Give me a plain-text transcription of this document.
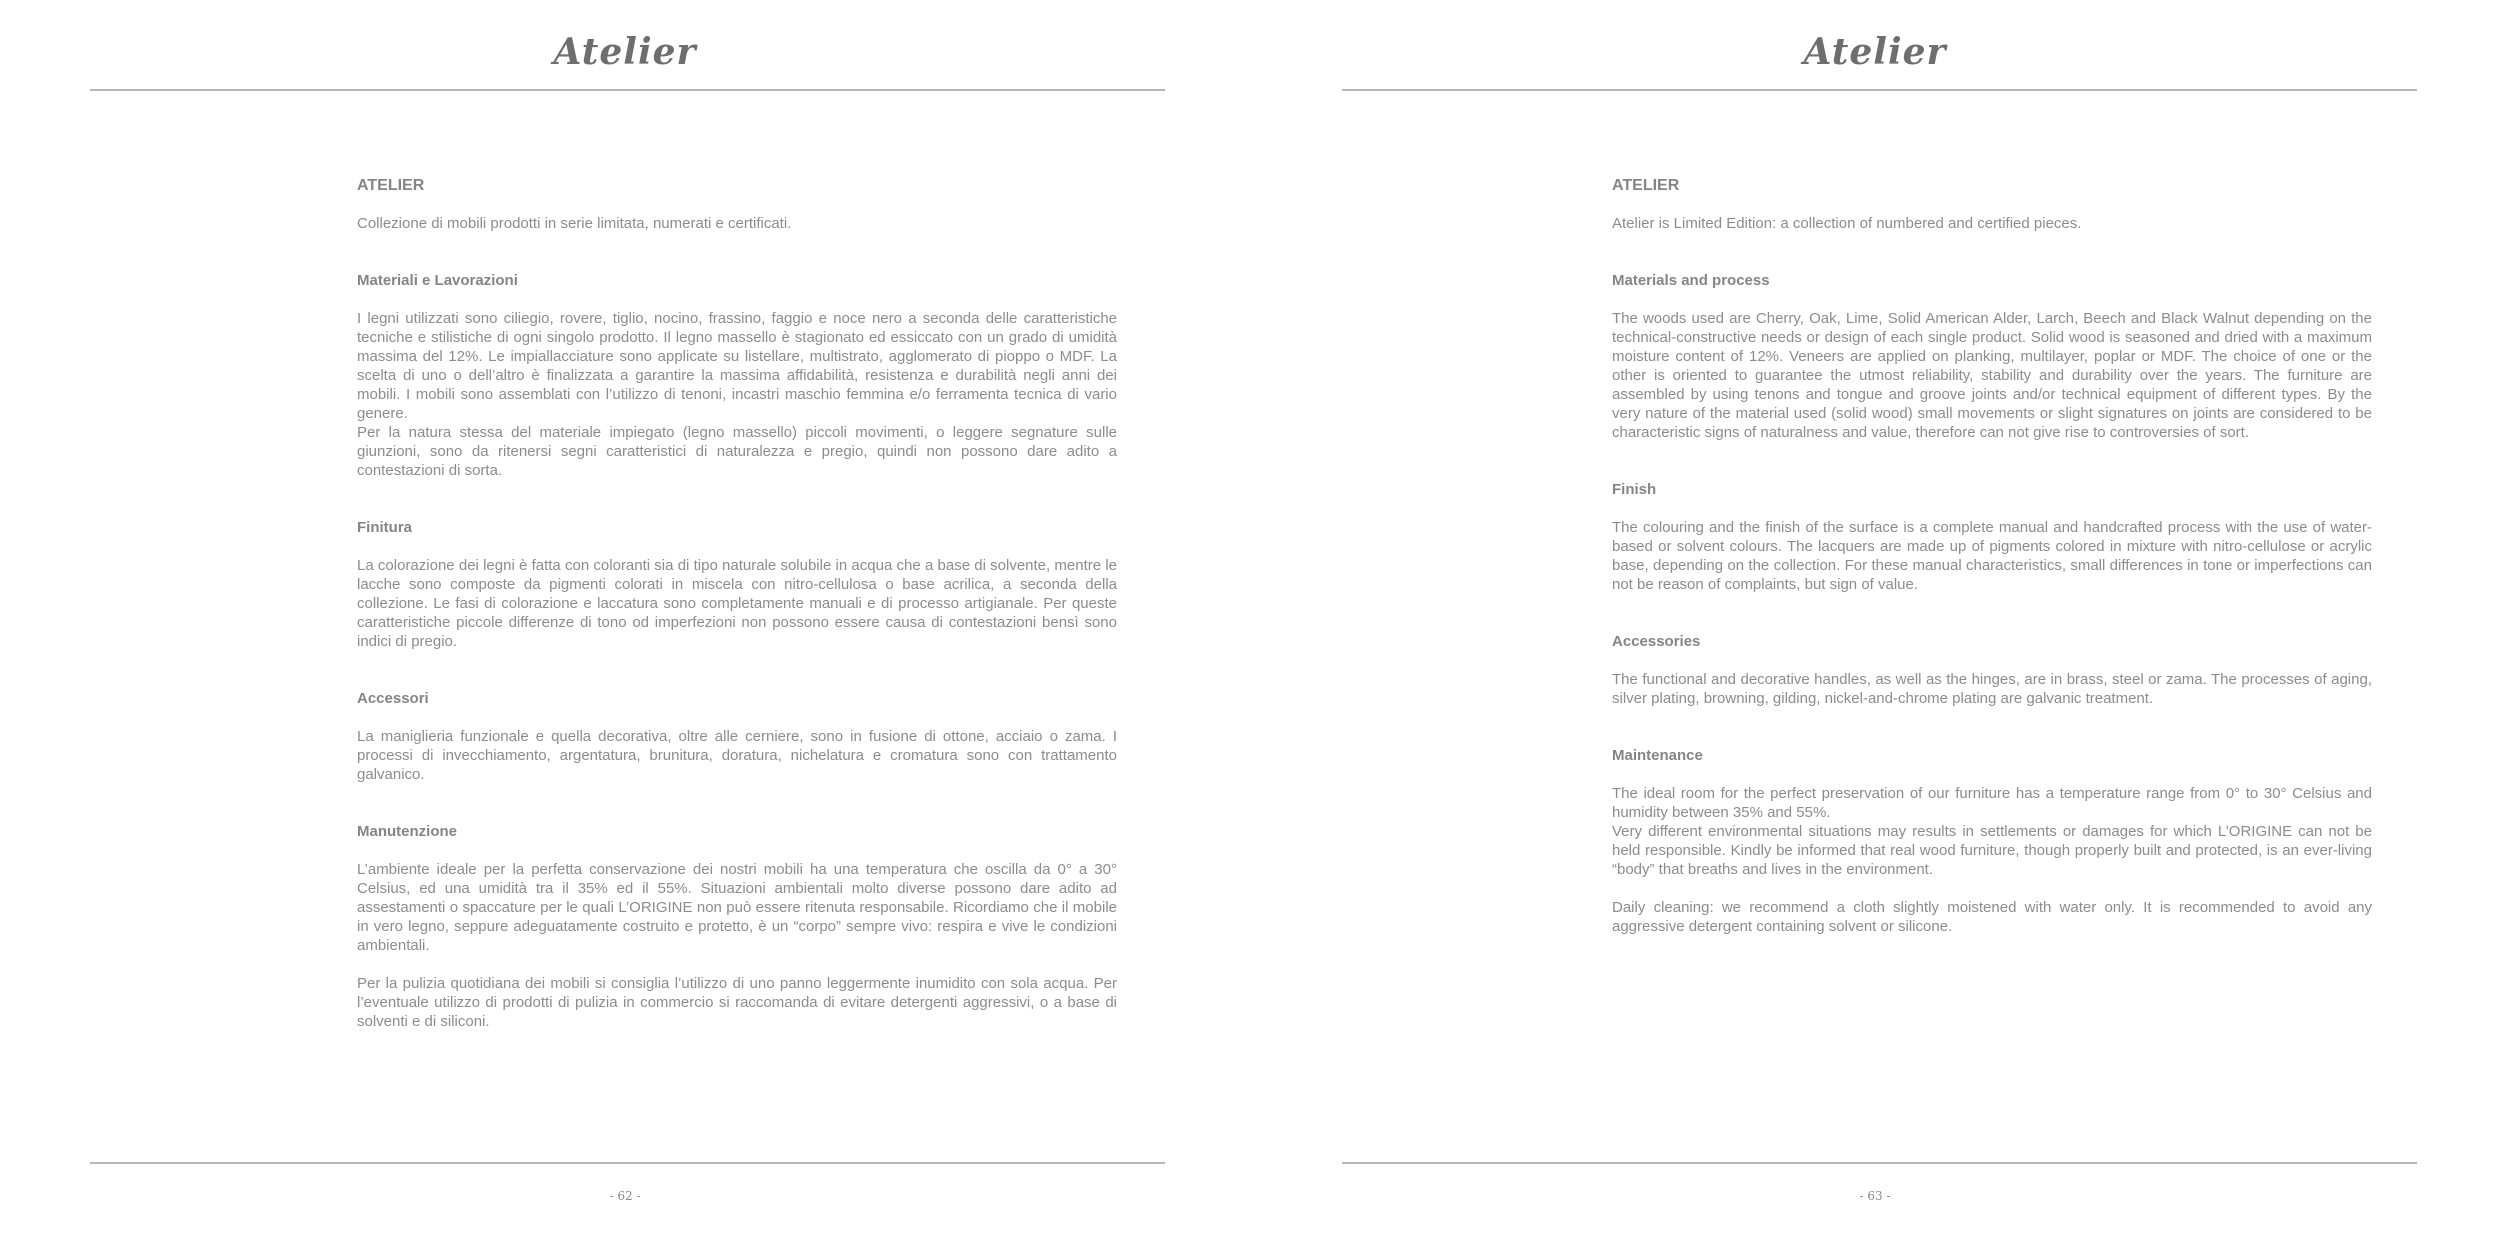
Atelier
ATELIER
Collezione di mobili prodotti in serie limitata, numerati e certificati.
Materiali e Lavorazioni

I legni utilizzati sono ciliegio, rovere, tiglio, nocino, frassino, faggio e noce nero a seconda delle caratteristiche tecniche e stilistiche di ogni singolo prodotto. Il legno massello è stagionato ed essiccato con un grado di umidità massima del 12%. Le impiallacciature sono applicate su listellare, multistrato, agglomerato di pioppo o MDF. La scelta di uno o dell’altro è finalizzata a garantire la massima affidabilità, resistenza e durabilità negli anni dei mobili. I mobili sono assemblati con l’utilizzo di tenoni, incastri maschio femmina e/o ferramenta tecnica di vario genere.

Per la natura stessa del materiale impiegato (legno massello) piccoli movimenti, o leggere segnature sulle giunzioni, sono da ritenersi segni caratteristici di naturalezza e pregio, quindi non possono dare adito a contestazioni di sorta.

Finitura

La colorazione dei legni è fatta con coloranti sia di tipo naturale solubile in acqua che a base di solvente, mentre le lacche sono composte da pigmenti colorati in miscela con nitro-cellulosa o base acrilica, a seconda della collezione. Le fasi di colorazione e laccatura sono completamente manuali e di processo artigianale. Per queste caratteristiche piccole differenze di tono od imperfezioni non possono essere causa di contestazioni bensì sono indici di pregio.

Accessori

La maniglieria funzionale e quella decorativa, oltre alle cerniere, sono in fusione di ottone, acciaio o zama. I processi di invecchiamento, argentatura, brunitura, doratura, nichelatura e cromatura sono con trattamento galvanico.

Manutenzione

L’ambiente ideale per la perfetta conservazione dei nostri mobili ha una temperatura che oscilla da 0° a 30° Celsius, ed una umidità tra il 35% ed il 55%. Situazioni ambientali molto diverse possono dare adito ad assestamenti o spaccature per le quali L’ORIGINE non può essere ritenuta responsabile. Ricordiamo che il mobile in vero legno, seppure adeguatamente costruito e protetto, è un “corpo” sempre vivo: respira e vive le condizioni ambientali.

Per la pulizia quotidiana dei mobili si consiglia l’utilizzo di uno panno leggermente inumidito con sola acqua. Per l’eventuale utilizzo di prodotti di pulizia in commercio si raccomanda di evitare detergenti aggressivi, o a base di solventi e di siliconi.

- 62 -
Atelier
ATELIER
Atelier is Limited Edition: a collection of numbered and certified pieces.
Materials and process

The woods used are Cherry, Oak, Lime, Solid American Alder, Larch, Beech and Black Walnut depending on the technical-constructive needs or design of each single product. Solid wood is seasoned and dried with a maximum moisture content of 12%. Veneers are applied on planking, multilayer, poplar or MDF. The choice of one or the other is oriented to guarantee the utmost reliability, stability and durability over the years. The furniture are assembled by using tenons and tongue and groove joints and/or technical equipment of different types. By the very nature of the material used (solid wood) small movements or slight signatures on joints are considered to be characteristic signs of naturalness and value, therefore can not give rise to controversies of sort.

Finish

The colouring and the finish of the surface is a complete manual and handcrafted process with the use of water-based or solvent colours. The lacquers are made up of pigments colored in mixture with nitro-cellulose or acrylic base, depending on the collection. For these manual characteristics, small differences in tone or imperfections can not be reason of complaints, but sign of value.

Accessories

The functional and decorative handles, as well as the hinges, are in brass, steel or zama. The processes of aging, silver plating, browning, gilding, nickel-and-chrome plating are galvanic treatment.

Maintenance

The ideal room for the perfect preservation of our furniture has a temperature range from 0° to 30° Celsius and humidity between 35% and 55%.

Very different environmental situations may results in settlements or damages for which L’ORIGINE can not be held responsible. Kindly be informed that real wood furniture, though properly built and protected, is an ever-living “body” that breaths and lives in the environment.

Daily cleaning: we recommend a cloth slightly moistened with water only. It is recommended to avoid any aggressive detergent containing solvent or silicone.

- 63 -
